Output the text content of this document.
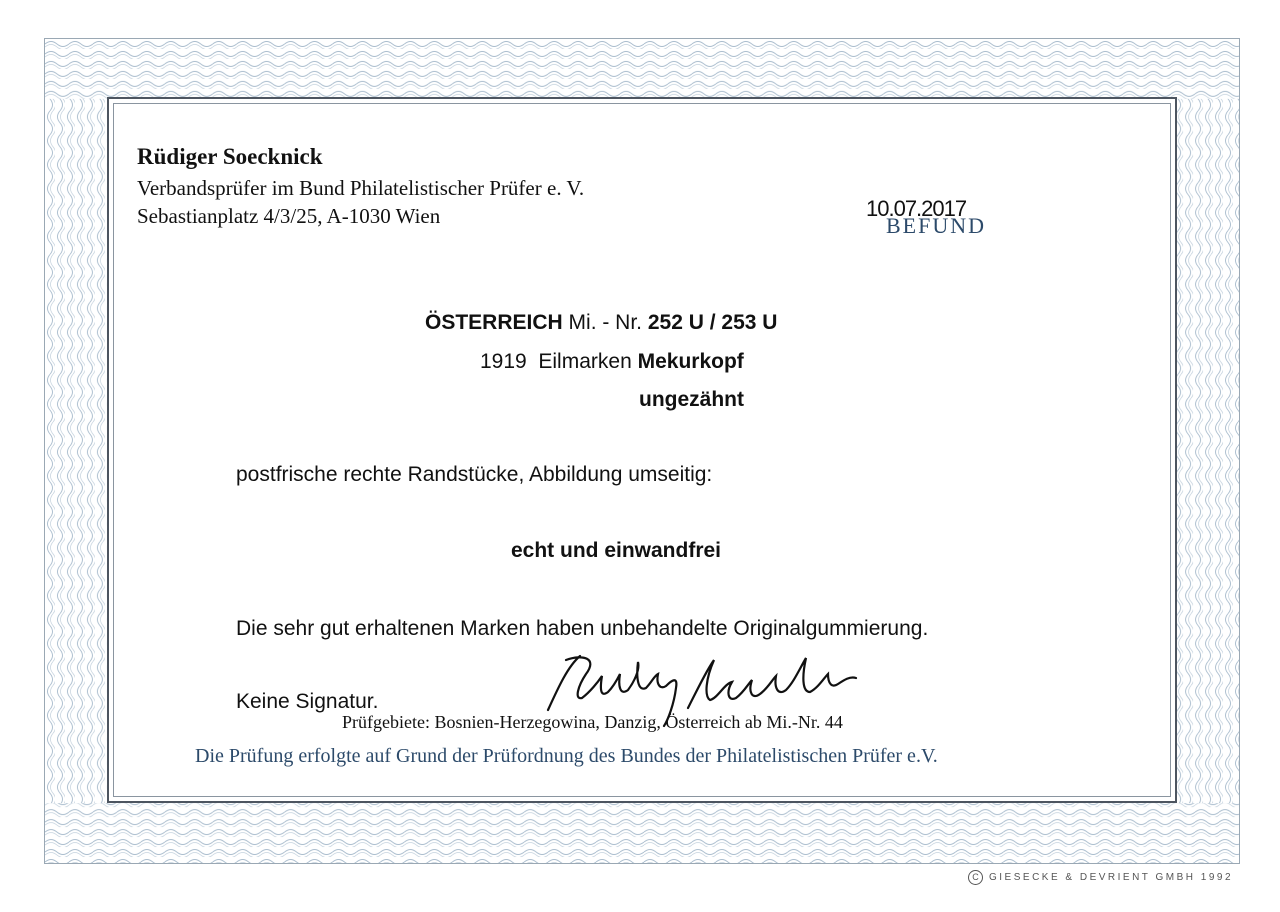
Rüdiger Soecknick
Verbandsprüfer im Bund Philatelistischer Prüfer e. V.
Sebastianplatz 4/3/25, A-1030 Wien	BEFUND
10.07.2017
ÖSTERREICH Mi. - Nr. 252 U / 253 U
1919  Eilmarken Mekurkopf
ungezähnt
postfrische rechte Randstücke, Abbildung umseitig:
echt und einwandfrei
Die sehr gut erhaltenen Marken haben unbehandelte Originalgummierung.
Keine Signatur.
Prüfgebiete: Bosnien-Herzegowina, Danzig, Österreich ab Mi.-Nr. 44
Die Prüfung erfolgte auf Grund der Prüfordnung des Bundes der Philatelistischen Prüfer e.V.
C GIESECKE & DEVRIENT GMBH 1992
